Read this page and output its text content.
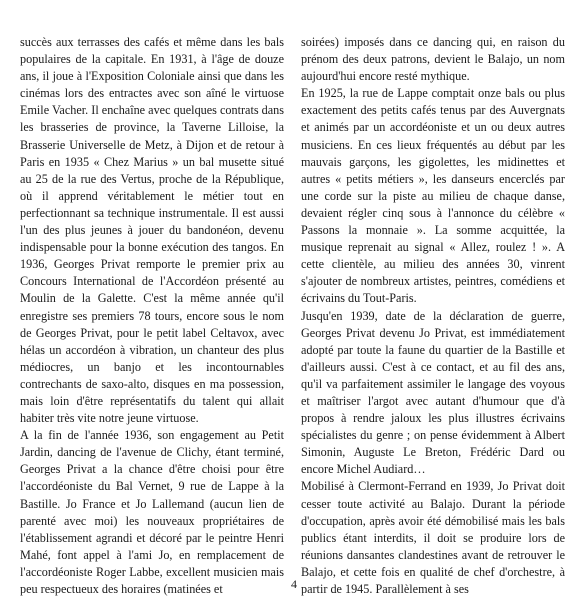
succès aux terrasses des cafés et même dans les bals populaires de la capitale. En 1931, à l'âge de douze ans, il joue à l'Exposition Coloniale ainsi que dans les cinémas lors des entractes avec son aîné le virtuose Emile Vacher. Il enchaîne avec quelques contrats dans les brasseries de province, la Taverne Lilloise, la Brasserie Universelle de Metz, à Dijon et de retour à Paris en 1935 « Chez Marius » un bal musette situé au 25 de la rue des Vertus, proche de la République, où il apprend véritablement le métier tout en perfectionnant sa technique instrumentale. Il est aussi l'un des plus jeunes à jouer du bandonéon, devenu indispensable pour la bonne exécution des tangos. En 1936, Georges Privat remporte le premier prix au Concours International de l'Accordéon présenté au Moulin de la Galette. C'est la même année qu'il enregistre ses premiers 78 tours, encore sous le nom de Georges Privat, pour le petit label Celtavox, avec hélas un accordéon à vibration, un chanteur des plus médiocres, un banjo et les incontournables contrechants de saxo-alto, disques en ma possession, mais loin d'être représentatifs du talent qui allait habiter très vite notre jeune virtuose.

A la fin de l'année 1936, son engagement au Petit Jardin, dancing de l'avenue de Clichy, étant terminé, Georges Privat a la chance d'être choisi pour être l'accordéoniste du Bal Vernet, 9 rue de Lappe à la Bastille. Jo France et Jo Lallemand (aucun lien de parenté avec moi) les nouveaux propriétaires de l'établissement agrandi et décoré par le peintre Henri Mahé, font appel à l'ami Jo, en remplacement de l'accordéoniste Roger Labbe, excellent musicien mais peu respectueux des horaires (matinées et

soirées) imposés dans ce dancing qui, en raison du prénom des deux patrons, devient le Balajo, un nom aujourd'hui encore resté mythique.

En 1925, la rue de Lappe comptait onze bals ou plus exactement des petits cafés tenus par des Auvergnats et animés par un accordéoniste et un ou deux autres musiciens. En ces lieux fréquentés au début par les mauvais garçons, les gigolettes, les midinettes et autres « petits métiers », les danseurs encerclés par une corde sur la piste au milieu de chaque danse, devaient régler cinq sous à l'annonce du célèbre « Passons la monnaie ». La somme acquittée, la musique reprenait au signal « Allez, roulez ! ». A cette clientèle, au milieu des années 30, vinrent s'ajouter de nombreux artistes, peintres, comédiens et écrivains du Tout-Paris.

Jusqu'en 1939, date de la déclaration de guerre, Georges Privat devenu Jo Privat, est immédiatement adopté par toute la faune du quartier de la Bastille et d'ailleurs aussi. C'est à ce contact, et au fil des ans, qu'il va parfaitement assimiler le langage des voyous et maîtriser l'argot avec autant d'humour que d'à propos à rendre jaloux les plus illustres écrivains spécialistes du genre ; on pense évidemment à Albert Simonin, Auguste Le Breton, Frédéric Dard ou encore Michel Audiard…

Mobilisé à Clermont-Ferrand en 1939, Jo Privat doit cesser toute activité au Balajo. Durant la période d'occupation, après avoir été démobilisé mais les bals publics étant interdits, il doit se produire lors de réunions dansantes clandestines avant de retrouver le Balajo, et cette fois en qualité de chef d'orchestre, à partir de 1945. Parallèlement à ses

4
